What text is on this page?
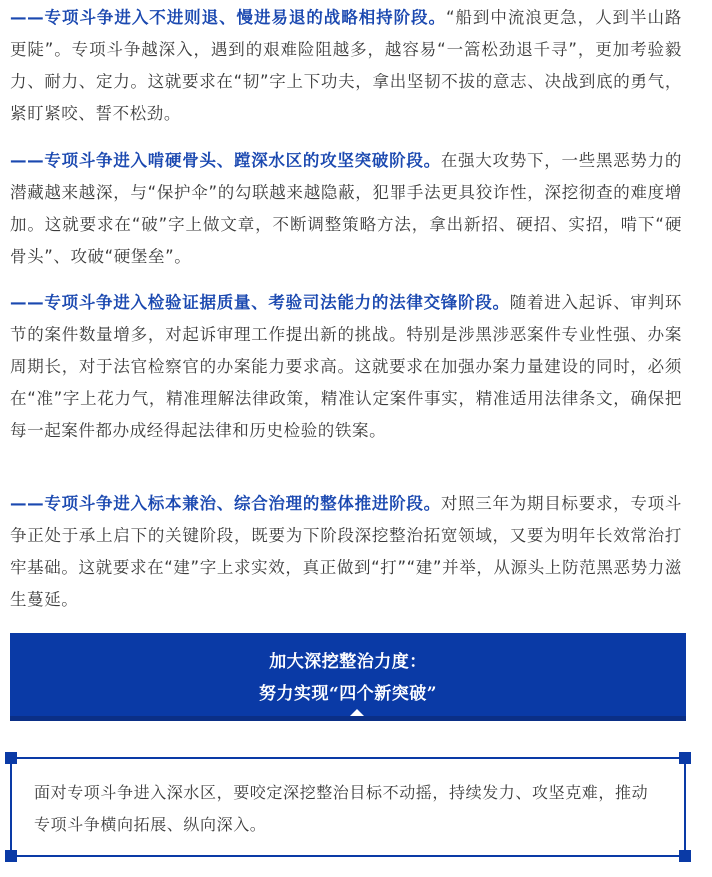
——专项斗争进入不进则退、慢进易退的战略相持阶段。“船到中流浪更急，人到半山路更陡”。专项斗争越深入，遇到的艰难险阻越多，越容易“一篙松劲退千寻”，更加考验毅力、耐力、定力。这就要求在“韧”字上下功夫，拿出坚韧不拔的意志、决战到底的勇气，紧盯紧咬、誓不松劲。

——专项斗争进入啃硬骨头、蹚深水区的攻坚突破阶段。在强大攻势下，一些黑恶势力的潜藏越来越深，与“保护伞”的勾联越来越隐蔽，犯罪手法更具狡诈性，深挖彻查的难度增加。这就要求在“破”字上做文章，不断调整策略方法，拿出新招、硬招、实招，啃下“硬骨头”、攻破“硬堡垒”。

——专项斗争进入检验证据质量、考验司法能力的法律交锋阶段。随着进入起诉、审判环节的案件数量增多，对起诉审理工作提出新的挑战。特别是涉黑涉恶案件专业性强、办案周期长，对于法官检察官的办案能力要求高。这就要求在加强办案力量建设的同时，必须在“准”字上花力气，精准理解法律政策，精准认定案件事实，精准适用法律条文，确保把每一起案件都办成经得起法律和历史检验的铁案。

——专项斗争进入标本兼治、综合治理的整体推进阶段。对照三年为期目标要求，专项斗争正处于承上启下的关键阶段，既要为下阶段深挖整治拓宽领域，又要为明年长效常治打牢基础。这就要求在“建”字上求实效，真正做到“打”“建”并举，从源头上防范黑恶势力滋生蔓延。

加大深挖整治力度：
努力实现“四个新突破”

面对专项斗争进入深水区，要咬定深挖整治目标不动摇，持续发力、攻坚克难，推动专项斗争横向拓展、纵向深入。
